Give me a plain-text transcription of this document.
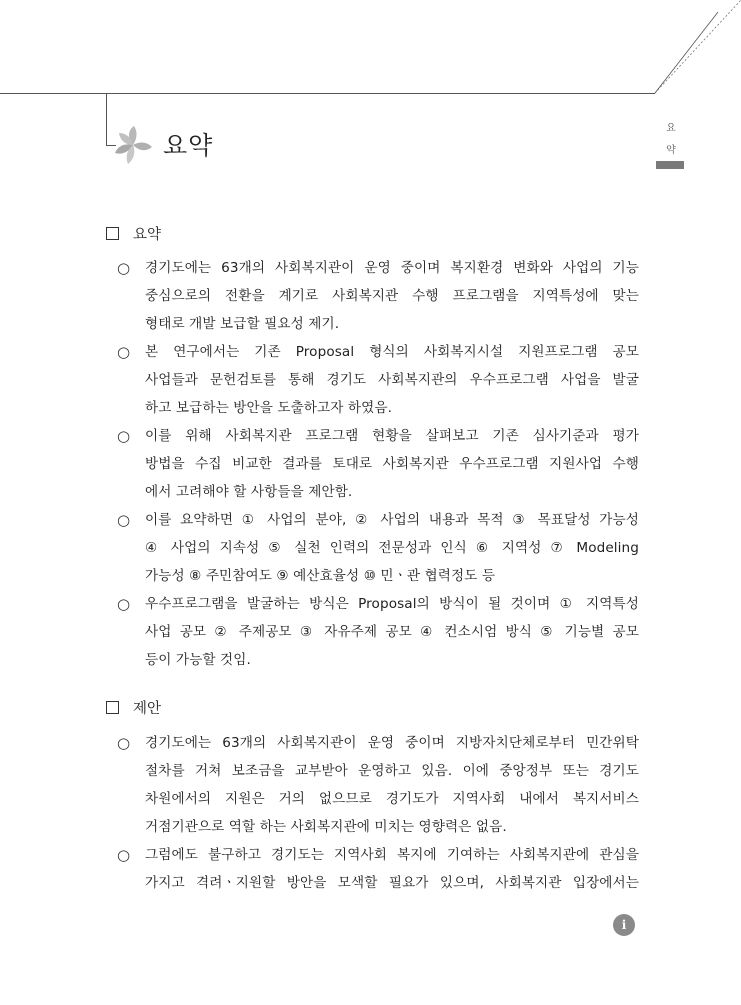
요약
요
약
요약
○ 경기도에는 63개의 사회복지관이 운영 중이며 복지환경 변화와 사업의 기능
중심으로의 전환을 계기로 사회복지관 수행 프로그램을 지역특성에 맞는
형태로 개발 보급할 필요성 제기.
○ 본 연구에서는 기존 Proposal 형식의 사회복지시설 지원프로그램 공모
사업들과 문헌검토를 통해 경기도 사회복지관의 우수프로그램 사업을 발굴
하고 보급하는 방안을 도출하고자 하였음.
○ 이를 위해 사회복지관 프로그램 현황을 살펴보고 기존 심사기준과 평가
방법을 수집 비교한 결과를 토대로 사회복지관 우수프로그램 지원사업 수행
에서 고려해야 할 사항들을 제안함.
○ 이를 요약하면 ① 사업의 분야, ② 사업의 내용과 목적 ③ 목표달성 가능성
④ 사업의 지속성 ⑤ 실천 인력의 전문성과 인식 ⑥ 지역성 ⑦ Modeling
가능성 ⑧ 주민참여도 ⑨ 예산효율성 ⑩ 민ㆍ관 협력정도 등
○ 우수프로그램을 발굴하는 방식은 Proposal의 방식이 될 것이며 ① 지역특성
사업 공모 ② 주제공모 ③ 자유주제 공모 ④ 컨소시엄 방식 ⑤ 기능별 공모
등이 가능할 것임.
제안
○ 경기도에는 63개의 사회복지관이 운영 중이며 지방자치단체로부터 민간위탁
절차를 거쳐 보조금을 교부받아 운영하고 있음. 이에 중앙정부 또는 경기도
차원에서의 지원은 거의 없으므로 경기도가 지역사회 내에서 복지서비스
거점기관으로 역할 하는 사회복지관에 미치는 영향력은 없음.
○ 그럼에도 불구하고 경기도는 지역사회 복지에 기여하는 사회복지관에 관심을
가지고 격려ㆍ지원할 방안을 모색할 필요가 있으며, 사회복지관 입장에서는
i
